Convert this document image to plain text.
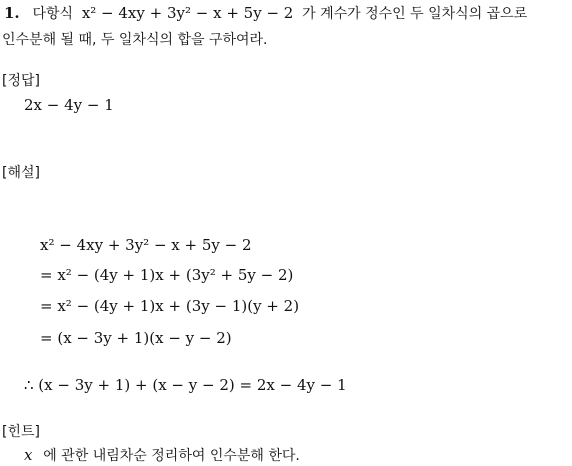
1. 다항식 x² − 4xy + 3y² − x + 5y − 2 가 계수가 정수인 두 일차식의 곱으로
인수분해 될 때, 두 일차식의 합을 구하여라.
[정답]
2x − 4y − 1
[해설]
x² − 4xy + 3y² − x + 5y − 2
= x² − (4y + 1)x + (3y² + 5y − 2)
= x² − (4y + 1)x + (3y − 1)(y + 2)
= (x − 3y + 1)(x − y − 2)
∴ (x − 3y + 1) + (x − y − 2) = 2x − 4y − 1
[힌트]
x 에 관한 내림차순 정리하여 인수분해 한다.
